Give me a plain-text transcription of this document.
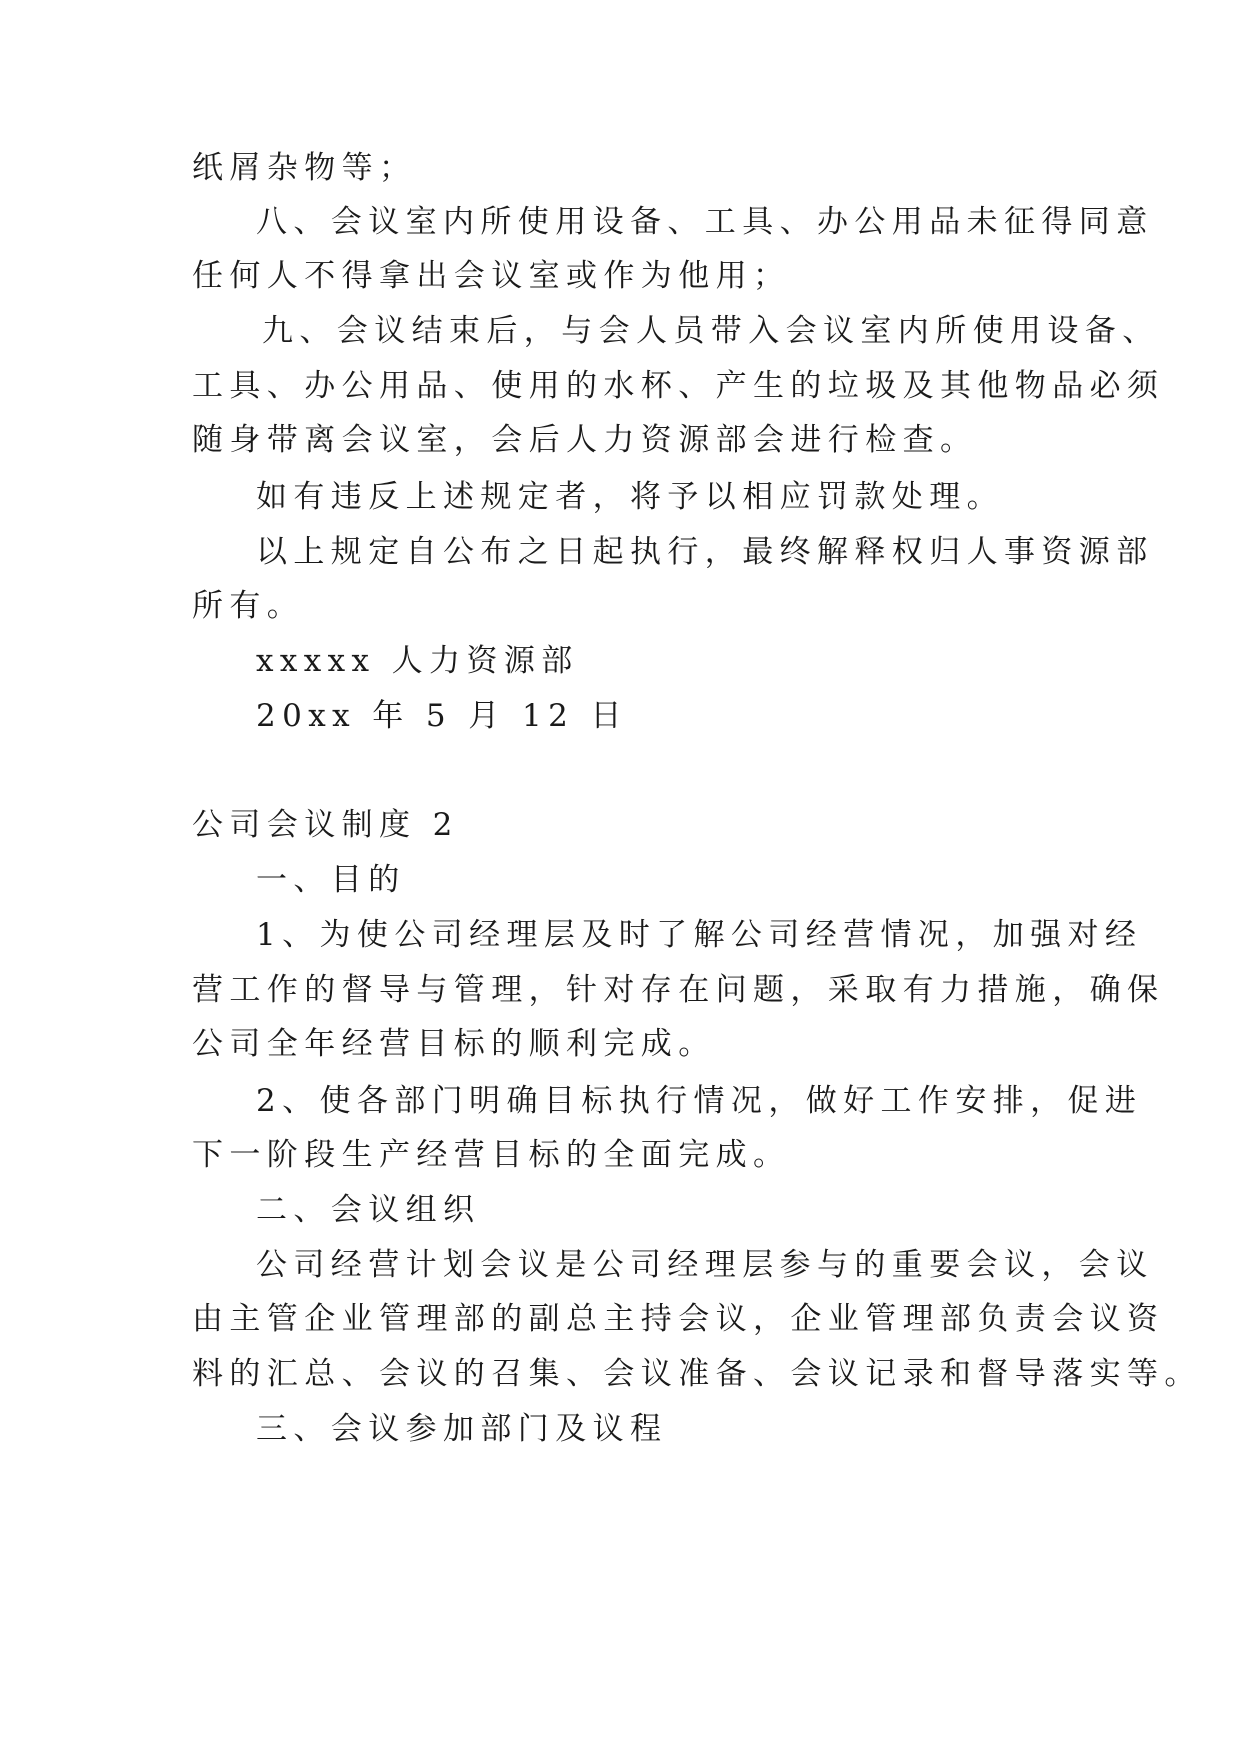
纸屑杂物等；
八、会议室内所使用设备、工具、办公用品未征得同意
任何人不得拿出会议室或作为他用；
九、会议结束后，与会人员带入会议室内所使用设备、
工具、办公用品、使用的水杯、产生的垃圾及其他物品必须
随身带离会议室，会后人力资源部会进行检查。
如有违反上述规定者，将予以相应罚款处理。
以上规定自公布之日起执行，最终解释权归人事资源部
所有。
xxxxx 人力资源部
20xx 年 5 月 12 日
公司会议制度 2
一、目的
1、为使公司经理层及时了解公司经营情况，加强对经
营工作的督导与管理，针对存在问题，采取有力措施，确保
公司全年经营目标的顺利完成。
2、使各部门明确目标执行情况，做好工作安排，促进
下一阶段生产经营目标的全面完成。
二、会议组织
公司经营计划会议是公司经理层参与的重要会议，会议
由主管企业管理部的副总主持会议，企业管理部负责会议资
料的汇总、会议的召集、会议准备、会议记录和督导落实等。
三、会议参加部门及议程
